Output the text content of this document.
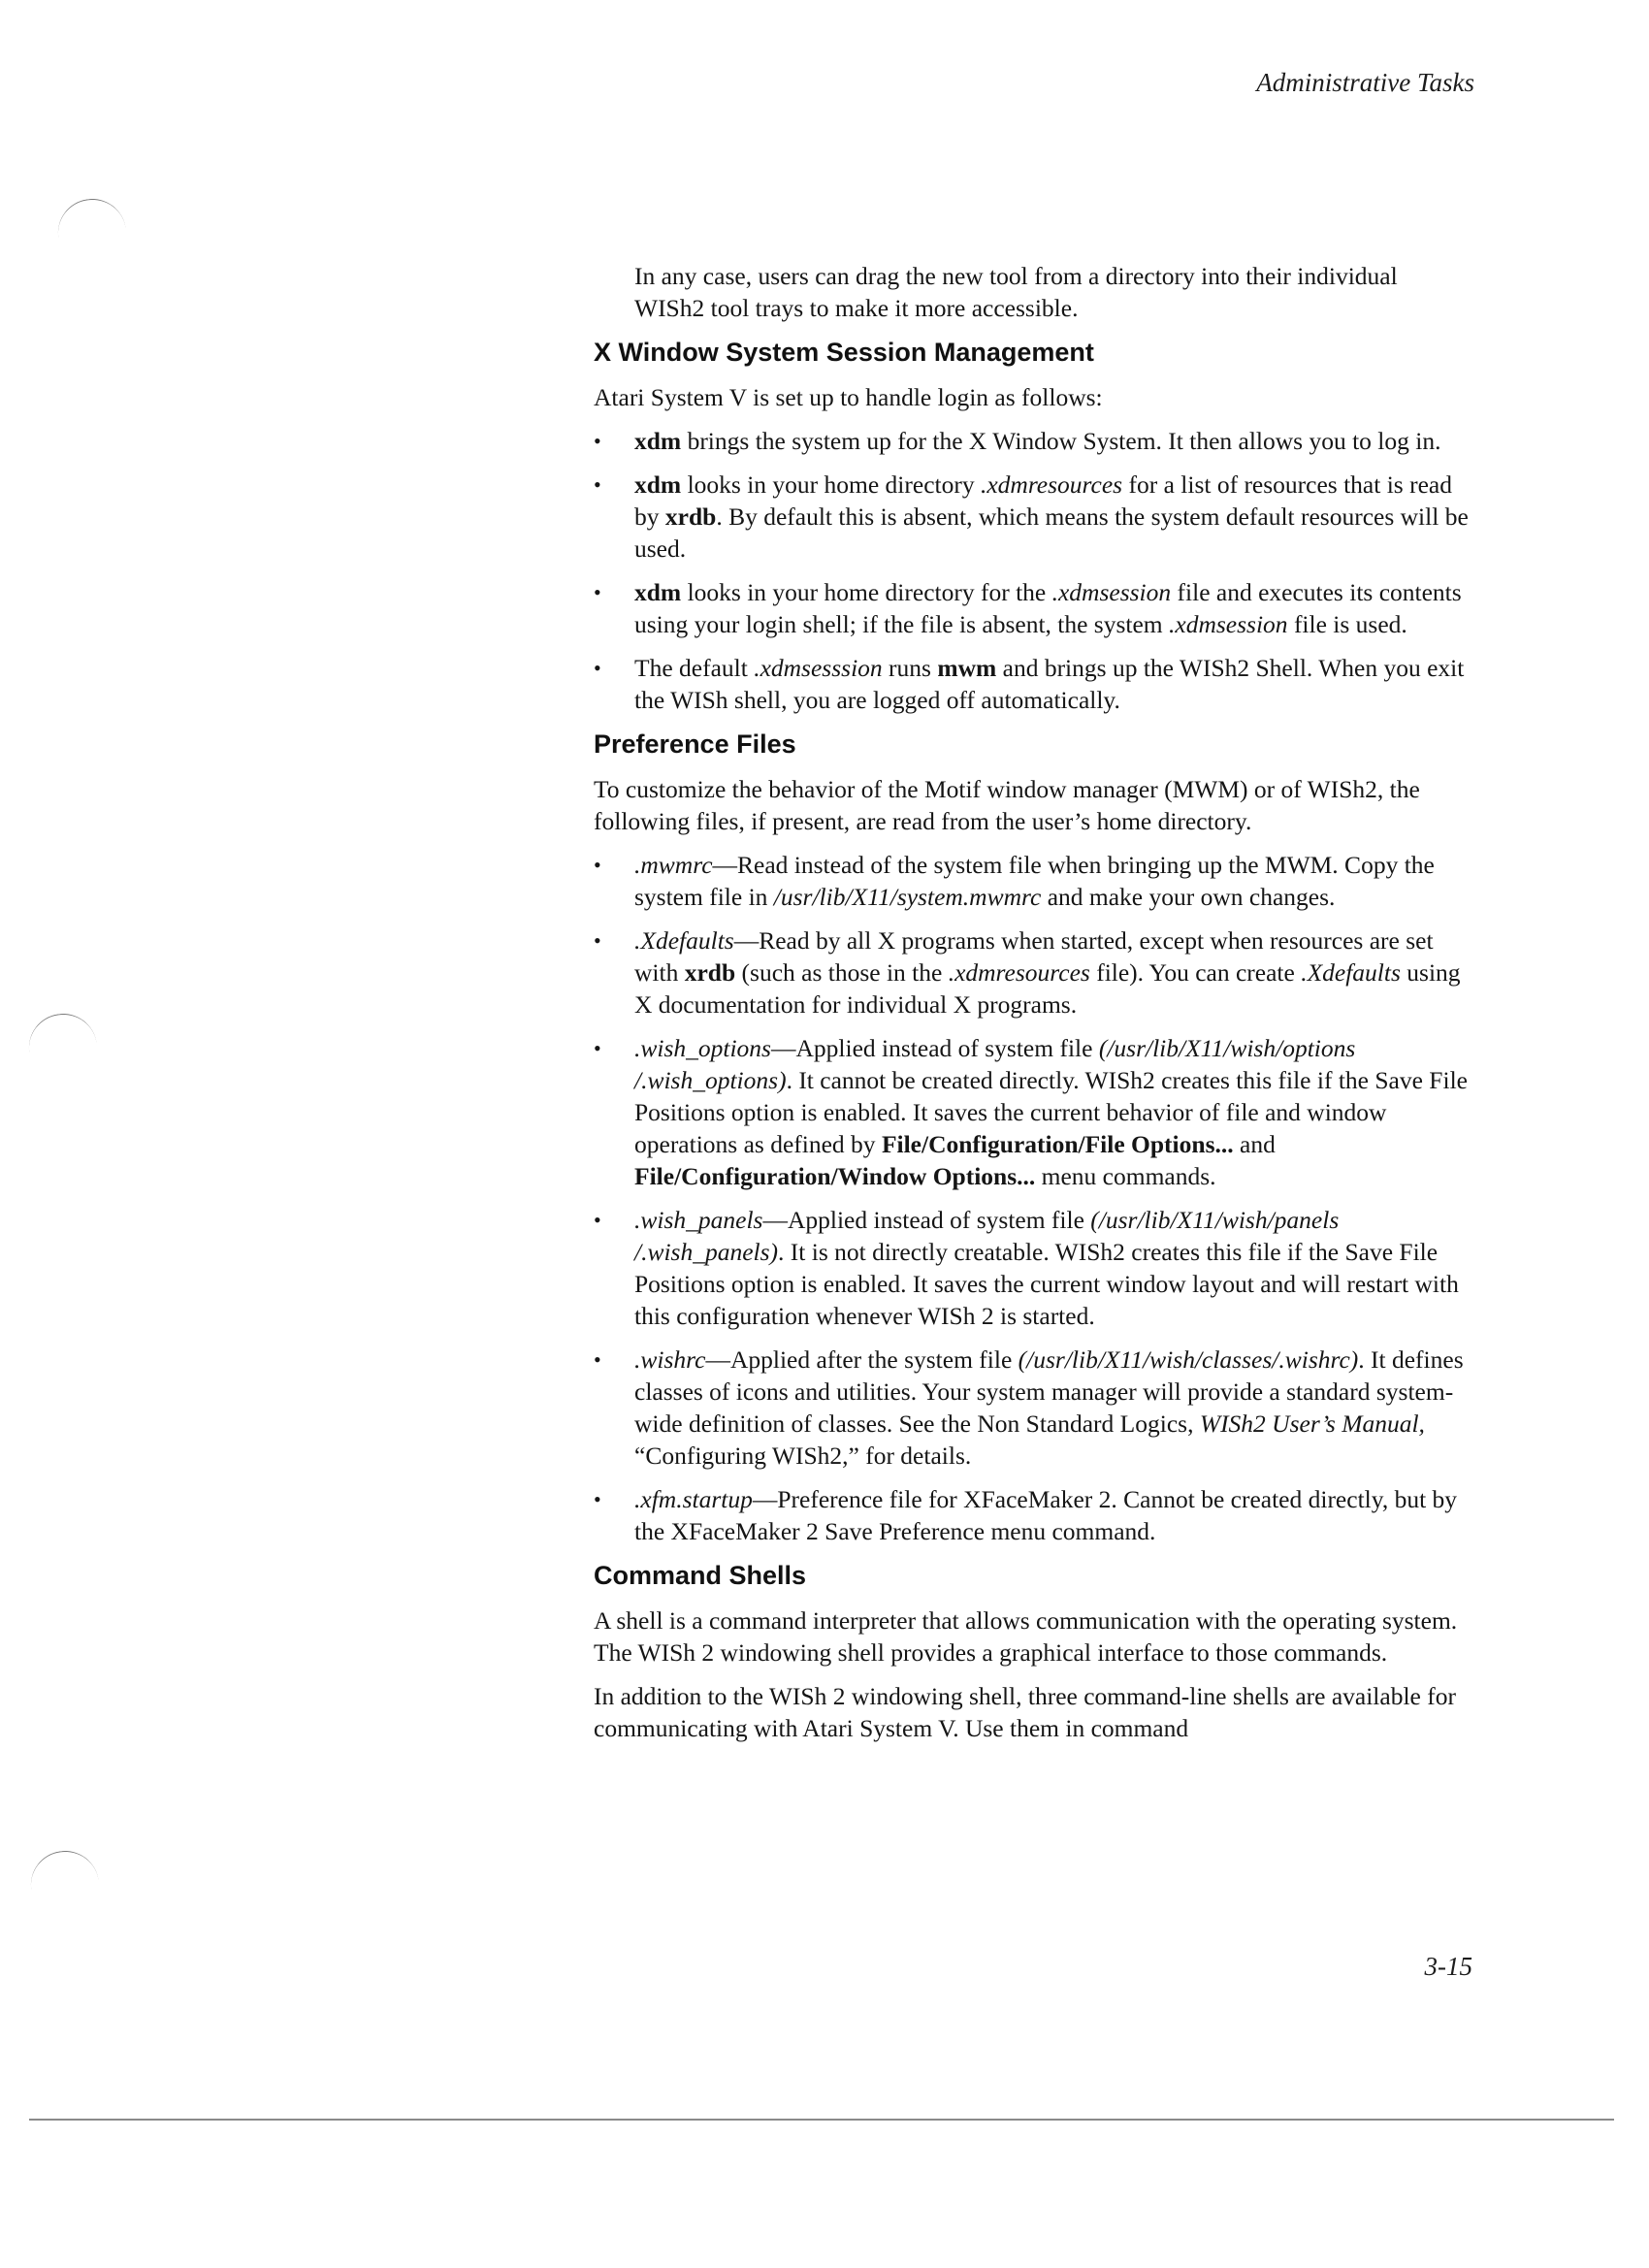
Administrative Tasks

In any case, users can drag the new tool from a directory into their individual WISh2 tool trays to make it more accessible.

X Window System Session Management

Atari System V is set up to handle login as follows:

•	xdm brings the system up for the X Window System. It then allows you to log in.
•	xdm looks in your home directory .xdmresources for a list of resources that is read by xrdb. By default this is absent, which means the system default resources will be used.
•	xdm looks in your home directory for the .xdmsession file and executes its contents using your login shell; if the file is absent, the system .xdmsession file is used.
•	The default .xdmsesssion runs mwm and brings up the WISh2 Shell. When you exit the WISh shell, you are logged off automatically.
Preference Files

To customize the behavior of the Motif window manager (MWM) or of WISh2, the following files, if present, are read from the user’s home directory.

•	.mwmrc—Read instead of the system file when bringing up the MWM. Copy the system file in /usr/lib/X11/system.mwmrc and make your own changes.
•	.Xdefaults—Read by all X programs when started, except when resources are set with xrdb (such as those in the .xdmresources file). You can create .Xdefaults using X documentation for individual X programs.
•	.wish_options—Applied instead of system file (/usr/lib/X11/wish/options /.wish_options). It cannot be created directly. WISh2 creates this file if the Save File Positions option is enabled. It saves the current behavior of file and window operations as defined by File/Configuration/File Options... and File/Configuration/Window Options... menu commands.
•	.wish_panels—Applied instead of system file (/usr/lib/X11/wish/panels /.wish_panels). It is not directly creatable. WISh2 creates this file if the Save File Positions option is enabled. It saves the current window layout and will restart with this configuration whenever WISh 2 is started.
•	.wishrc—Applied after the system file (/usr/lib/X11/wish/classes/.wishrc). It defines classes of icons and utilities. Your system manager will provide a standard system-wide definition of classes. See the Non Standard Logics, WISh2 User’s Manual, “Configuring WISh2,” for details.
•	.xfm.startup—Preference file for XFaceMaker 2. Cannot be created directly, but by the XFaceMaker 2 Save Preference menu command.
Command Shells

A shell is a command interpreter that allows communication with the operating system. The WISh 2 windowing shell provides a graphical interface to those commands.

In addition to the WISh 2 windowing shell, three command-line shells are available for communicating with Atari System V. Use them in command

3-15
